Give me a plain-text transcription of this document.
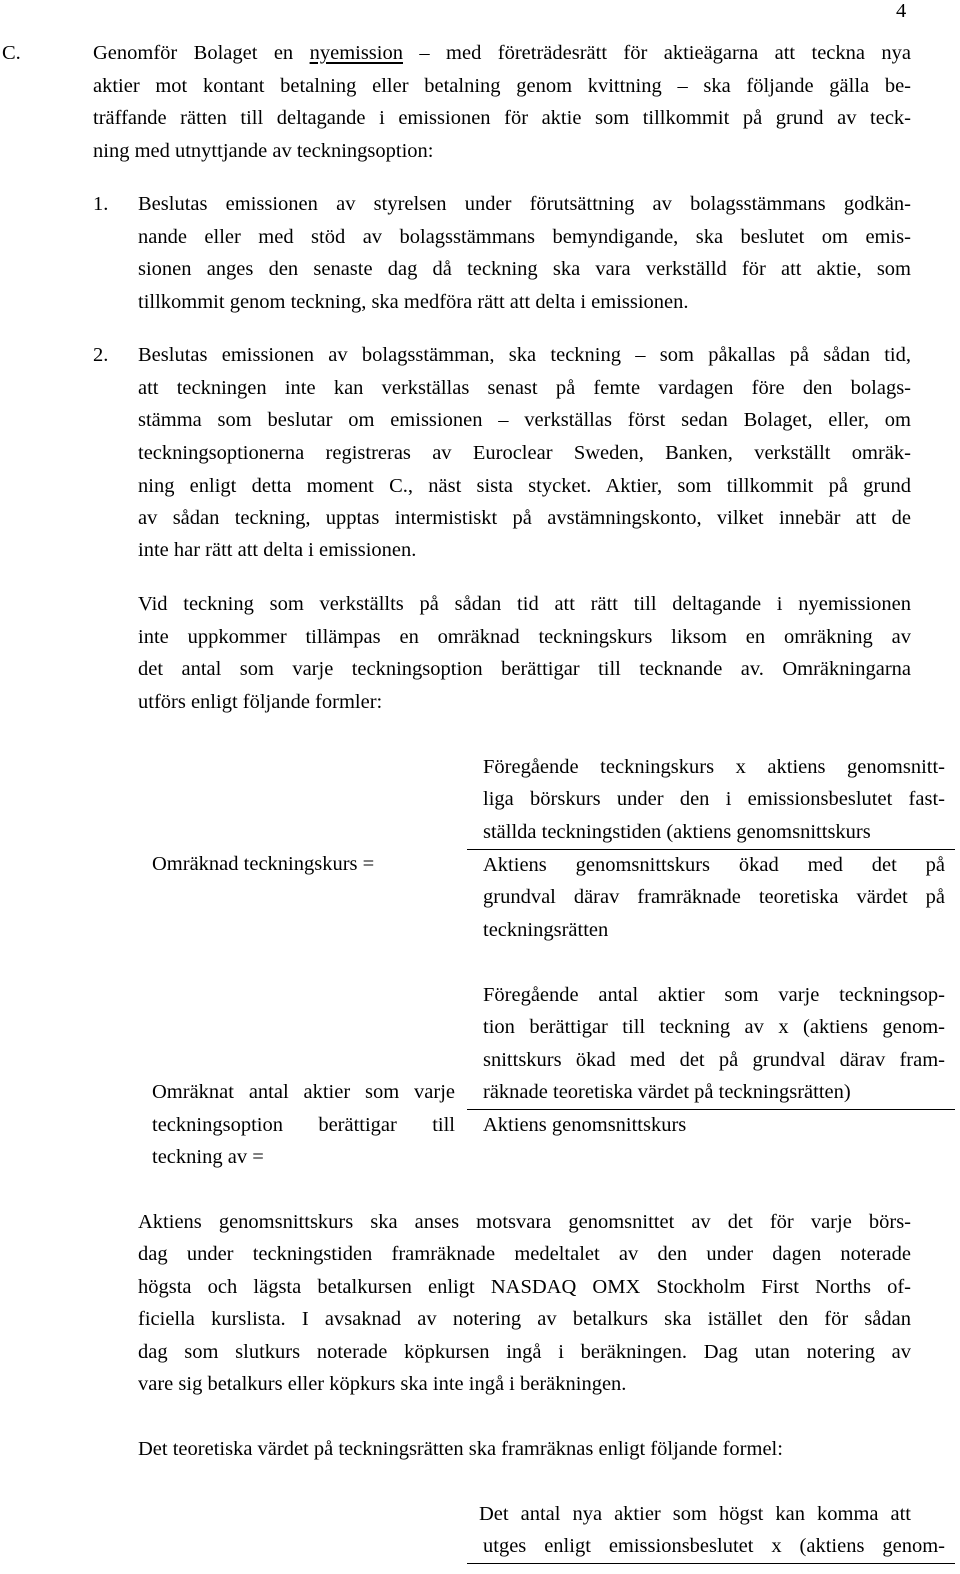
4
C.	Genomför Bolaget en nyemission – med företrädesrätt för aktieägarna att teckna nya
aktier mot kontant betalning eller betalning genom kvittning – ska följande gälla be-
träffande rätten till deltagande i emissionen för aktie som tillkommit på grund av teck-
ning med utnyttjande av teckningsoption:
1. Beslutas emissionen av styrelsen under förutsättning av bolagsstämmans godkän-
nande eller med stöd av bolagsstämmans bemyndigande, ska beslutet om emis-
sionen anges den senaste dag då teckning ska vara verkställd för att aktie, som
tillkommit genom teckning, ska medföra rätt att delta i emissionen.
2. Beslutas emissionen av bolagsstämman, ska teckning – som påkallas på sådan tid,
att teckningen inte kan verkställas senast på femte vardagen före den bolags-
stämma som beslutar om emissionen – verkställas först sedan Bolaget, eller, om
teckningsoptionerna registreras av Euroclear Sweden, Banken, verkställt omräk-
ning enligt detta moment C., näst sista stycket. Aktier, som tillkommit på grund
av sådan teckning, upptas intermistiskt på avstämningskonto, vilket innebär att de
inte har rätt att delta i emissionen.
Vid teckning som verkställts på sådan tid att rätt till deltagande i nyemissionen
inte uppkommer tillämpas en omräknad teckningskurs liksom en omräkning av
det antal som varje teckningsoption berättigar till tecknande av. Omräkningarna
utförs enligt följande formler:
Omräknad teckningskurs =
Föregående teckningskurs x aktiens genomsnitt-
liga börskurs under den i emissionsbeslutet fast-
ställda teckningstiden (aktiens genomsnittskurs
Aktiens genomsnittskurs ökad med det på
grundval därav framräknade teoretiska värdet på
teckningsrätten
Omräknat antal aktier som varje
teckningsoption berättigar till
teckning av =
Föregående antal aktier som varje teckningsop-
tion berättigar till teckning av x (aktiens genom-
snittskurs ökad med det på grundval därav fram-
räknade teoretiska värdet på teckningsrätten)
Aktiens genomsnittskurs
Aktiens genomsnittskurs ska anses motsvara genomsnittet av det för varje börs-
dag under teckningstiden framräknade medeltalet av den under dagen noterade
högsta och lägsta betalkursen enligt NASDAQ OMX Stockholm First Norths of-
ficiella kurslista. I avsaknad av notering av betalkurs ska istället den för sådan
dag som slutkurs noterade köpkursen ingå i beräkningen. Dag utan notering av
vare sig betalkurs eller köpkurs ska inte ingå i beräkningen.
Det teoretiska värdet på teckningsrätten ska framräknas enligt följande formel:
Det antal nya aktier som högst kan komma att
utges enligt emissionsbeslutet x (aktiens genom-
